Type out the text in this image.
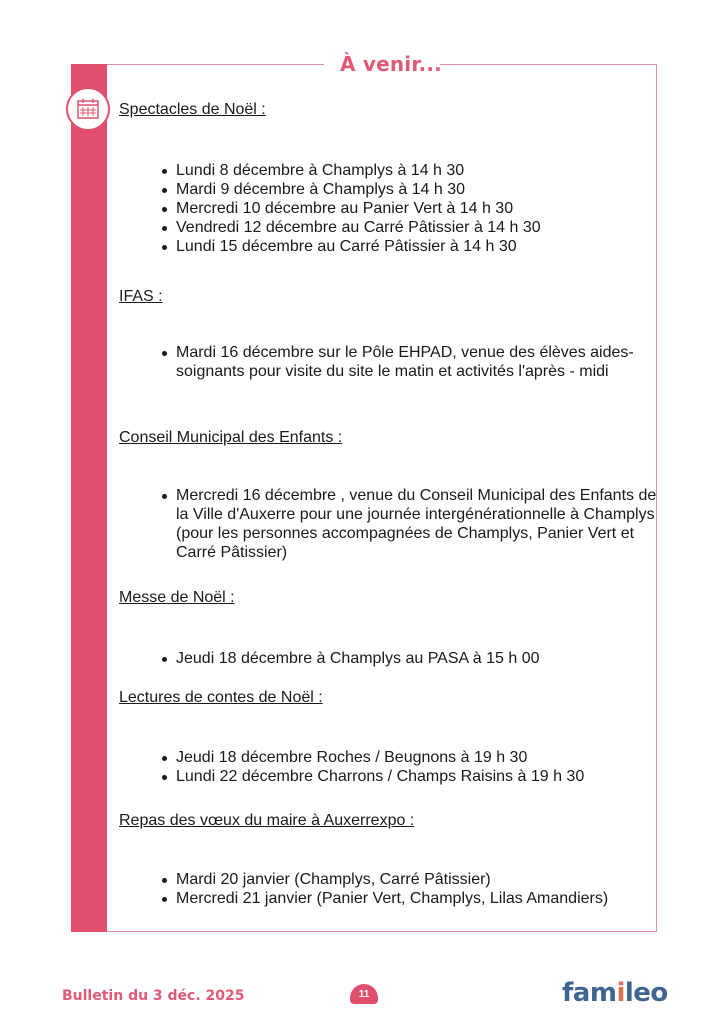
À venir...
Spectacles de Noël :
Lundi 8 décembre à Champlys à 14 h 30
Mardi 9 décembre à Champlys à 14 h 30
Mercredi 10 décembre au Panier Vert à 14 h 30
Vendredi 12 décembre au Carré Pâtissier à 14 h 30
Lundi 15 décembre au Carré Pâtissier à 14 h 30
IFAS :
Mardi 16 décembre sur le Pôle EHPAD, venue des élèves aides-soignants pour visite du site le matin et activités l'après - midi
Conseil Municipal des Enfants :
Mercredi 16 décembre , venue du Conseil Municipal des Enfants de la Ville d'Auxerre pour une journée intergénérationnelle à Champlys (pour les personnes accompagnées de Champlys, Panier Vert et Carré Pâtissier)
Messe de Noël :
Jeudi 18 décembre à Champlys au PASA à 15 h 00
Lectures de contes de Noël :
Jeudi 18 décembre Roches / Beugnons à 19 h 30
Lundi 22 décembre Charrons / Champs Raisins à 19 h 30
Repas des vœux du maire à Auxerrexpo :
Mardi 20 janvier (Champlys, Carré Pâtissier)
Mercredi 21 janvier (Panier Vert, Champlys, Lilas Amandiers)
Bulletin du 3 déc. 2025	11	famileo
